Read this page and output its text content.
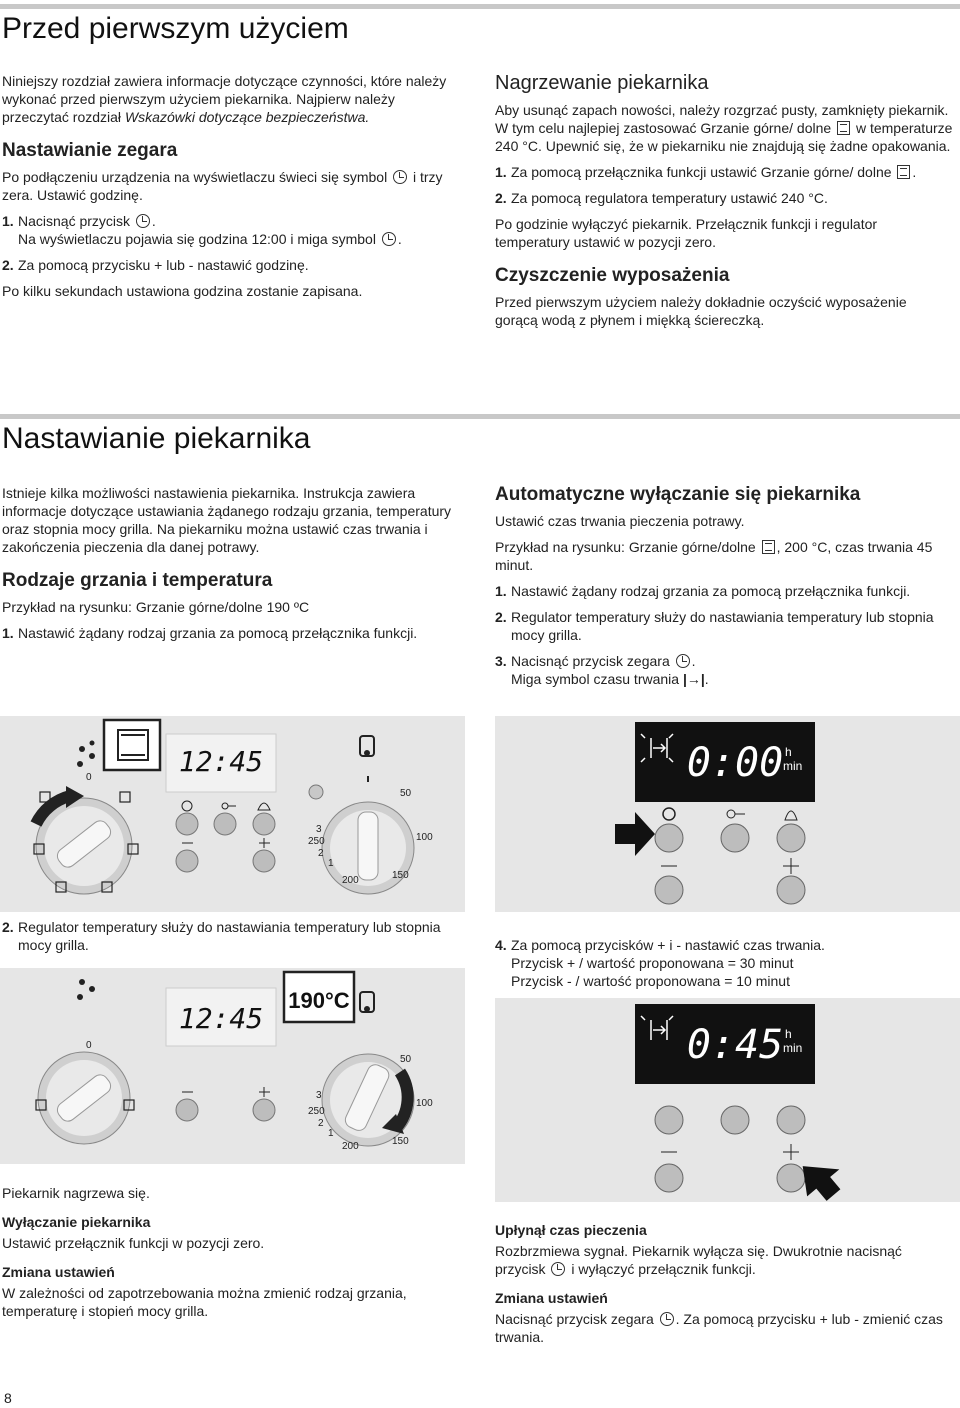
Przed pierwszym użyciem

Niniejszy rozdział zawiera informacje dotyczące czynności, które należy wykonać przed pierwszym użyciem piekarnika. Najpierw należy przeczytać rozdział Wskazówki dotyczące bezpieczeństwa.

Nastawianie zegara

Po podłączeniu urządzenia na wyświetlaczu świeci się symbol i trzy zera. Ustawić godzinę.

1. Nacisnąć przycisk .
Na wyświetlaczu pojawia się godzina 12:00 i miga symbol .
2. Za pomocą przycisku + lub - nastawić godzinę.

Po kilku sekundach ustawiona godzina zostanie zapisana.

Nagrzewanie piekarnika

Aby usunąć zapach nowości, należy rozgrzać pusty, zamknięty piekarnik. W tym celu najlepiej zastosować Grzanie górne/ dolne w temperaturze 240 °C. Upewnić się, że w piekarniku nie znajdują się żadne opakowania.

1. Za pomocą przełącznika funkcji ustawić Grzanie górne/ dolne .
2. Za pomocą regulatora temperatury ustawić 240 °C.

Po godzinie wyłączyć piekarnik. Przełącznik funkcji i regulator temperatury ustawić w pozycji zero.

Czyszczenie wyposażenia

Przed pierwszym użyciem należy dokładnie oczyścić wyposażenie gorącą wodą z płynem i miękką ściereczką.

Nastawianie piekarnika

Istnieje kilka możliwości nastawienia piekarnika. Instrukcja zawiera informacje dotyczące ustawiania żądanego rodzaju grzania, temperatury oraz stopnia mocy grilla. Na piekarniku można ustawić czas trwania i zakończenia pieczenia dla danej potrawy.

Rodzaje grzania i temperatura

Przykład na rysunku: Grzanie górne/dolne 190 ºC

1. Nastawić żądany rodzaj grzania za pomocą przełącznika funkcji.
Automatyczne wyłączanie się piekarnika

Ustawić czas trwania pieczenia potrawy.

Przykład na rysunku: Grzanie górne/dolne , 200 °C, czas trwania 45 minut.

1. Nastawić żądany rodzaj grzania za pomocą przełącznika funkcji.
2. Regulator temperatury służy do nastawiania temperatury lub stopnia mocy grilla.
3. Nacisnąć przycisk zegara .
Miga symbol czasu trwania |→|.
12:45
0
50
100
150
200
250
3
2
1
0:00 h
min
2. Regulator temperatury służy do nastawiania temperatury lub stopnia mocy grilla.	4. Za pomocą przycisków + i - nastawić czas trwania.
Przycisk + / wartość proponowana = 30 minut
Przycisk - / wartość proponowana = 10 minut
12:45
190°C
0
50
100
150
200
250
3
2
1
0:45 h
min

Piekarnik nagrzewa się.

Wyłączanie piekarnika

Ustawić przełącznik funkcji w pozycji zero.

Zmiana ustawień

W zależności od zapotrzebowania można zmienić rodzaj grzania, temperaturę i stopień mocy grilla.

Upłynął czas pieczenia

Rozbrzmiewa sygnał. Piekarnik wyłącza się. Dwukrotnie nacisnąć przycisk i wyłączyć przełącznik funkcji.

Zmiana ustawień

Nacisnąć przycisk zegara . Za pomocą przycisku + lub - zmienić czas trwania.

8
